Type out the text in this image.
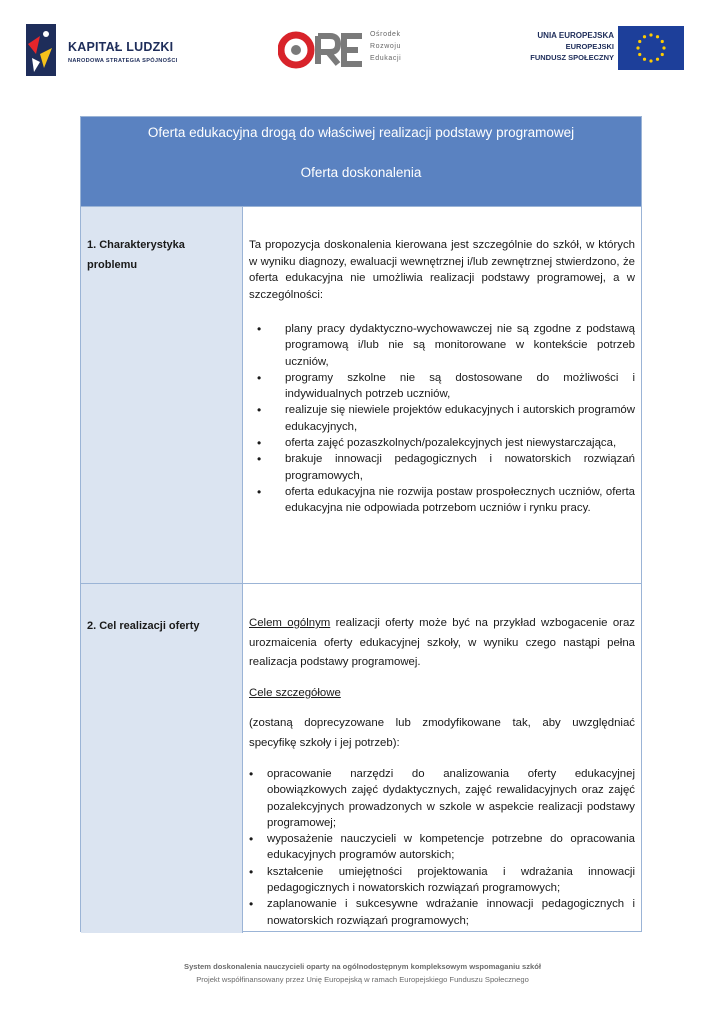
KAPITAŁ LUDZKI
NARODOWA STRATEGIA SPÓJNOŚCI
Ośrodek
Rozwoju
Edukacji
UNIA EUROPEJSKA
EUROPEJSKI
FUNDUSZ SPOŁECZNY
Oferta edukacyjna drogą do właściwej realizacji podstawy programowej
Oferta doskonalenia
1. Charakterystyka
problemu
Ta propozycja doskonalenia kierowana jest szczególnie do szkół, w których w wyniku diagnozy, ewaluacji wewnętrznej i/lub zewnętrznej stwierdzono, że oferta edukacyjna nie umożliwia realizacji podstawy programowej, a w szczególności:
• plany pracy dydaktyczno-wychowawczej nie są zgodne z podstawą programową i/lub nie są monitorowane w kontekście potrzeb uczniów,
• programy szkolne nie są dostosowane do możliwości i indywidualnych potrzeb uczniów,
• realizuje się niewiele projektów edukacyjnych i autorskich programów edukacyjnych,
• oferta zajęć pozaszkolnych/pozalekcyjnych jest niewystarczająca,
• brakuje innowacji pedagogicznych i nowatorskich rozwiązań programowych,
• oferta edukacyjna nie rozwija postaw prospołecznych uczniów, oferta edukacyjna nie odpowiada potrzebom uczniów i rynku pracy.
2. Cel realizacji oferty	Celem ogólnym realizacji oferty może być na przykład wzbogacenie oraz urozmaicenia oferty edukacyjnej szkoły, w wyniku czego nastąpi pełna realizacja podstawy programowej.
Cele szczegółowe
(zostaną doprecyzowane lub zmodyfikowane tak, aby uwzględniać specyfikę szkoły i jej potrzeb):
• opracowanie narzędzi do analizowania oferty edukacyjnej obowiązkowych zajęć dydaktycznych, zajęć rewalidacyjnych oraz zajęć pozalekcyjnych prowadzonych w szkole w aspekcie realizacji podstawy programowej;
• wyposażenie nauczycieli w kompetencje potrzebne do opracowania edukacyjnych programów autorskich;
• kształcenie umiejętności projektowania i wdrażania innowacji pedagogicznych i nowatorskich rozwiązań programowych;
• zaplanowanie i sukcesywne wdrażanie innowacji pedagogicznych i nowatorskich rozwiązań programowych;
System doskonalenia nauczycieli oparty na ogólnodostępnym kompleksowym wspomaganiu szkół
Projekt współfinansowany przez Unię Europejską w ramach Europejskiego Funduszu Społecznego
